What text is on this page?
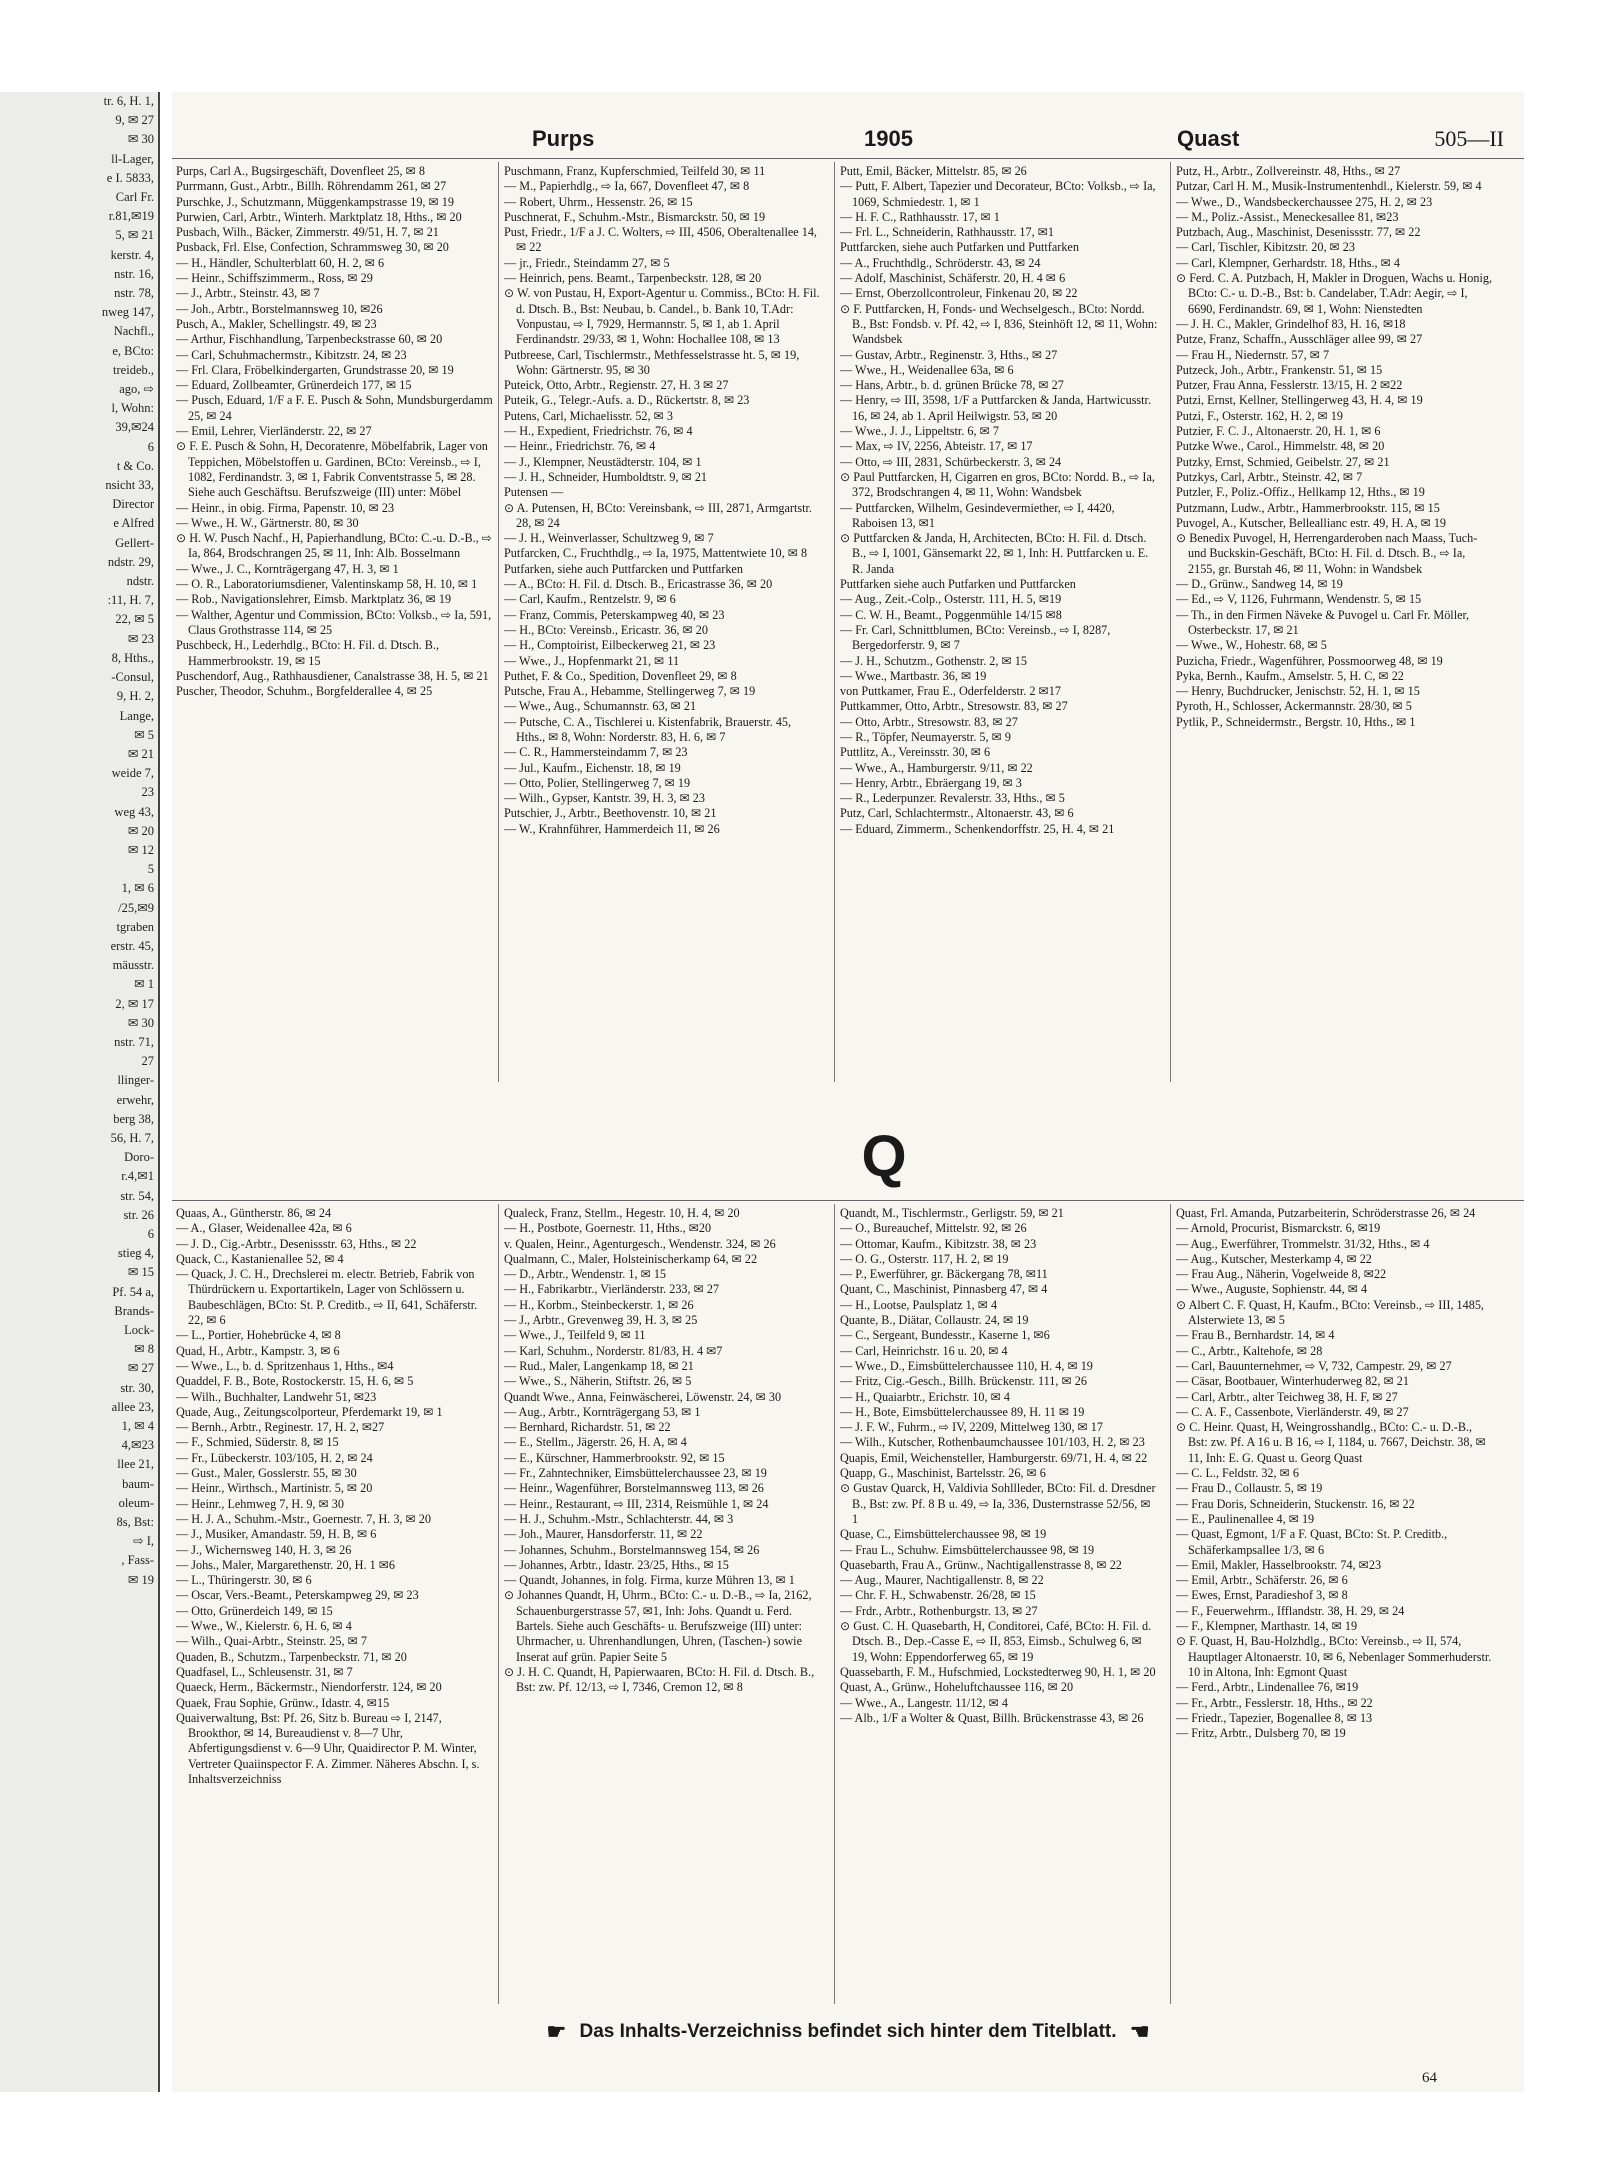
tr. 6, H. 1,
9, ✉ 27
✉ 30
ll-Lager,
e I. 5833,
Carl Fr.
r.81,✉19
5, ✉ 21
kerstr. 4,
nstr. 16,
nstr. 78,
nweg 147,
Nachfl.,
e, BCto:
treideb.,
ago, ⇨
l, Wohn:
39,✉24
6
t & Co.
nsicht 33,
Director
e Alfred
Gellert-
ndstr. 29,
ndstr.
:11, H. 7,
22, ✉ 5
✉ 23
8, Hths.,
-Consul,
9, H. 2,
Lange,
✉ 5
✉ 21
weide 7,
23
weg 43,
✉ 20
✉ 12
5
1, ✉ 6
/25,✉9
tgraben
erstr. 45,
mäusstr.
✉ 1
2, ✉ 17
✉ 30
nstr. 71,
27
llinger-
erwehr,
berg 38,
56, H. 7,
Doro-
r.4,✉1
str. 54,
str. 26
6
stieg 4,
✉ 15
Pf. 54 a,
Brands-
Lock-
✉ 8
✉ 27
str. 30,
allee 23,
1, ✉ 4
4,✉23
llee 21,
baum-
oleum-
8s, Bst:
⇨ I,
, Fass-
✉ 19
Purps	1905	Quast	505—II

Purps, Carl A., Bugsirgeschäft, Dovenfleet 25, ✉ 8

Purrmann, Gust., Arbtr., Billh. Röhrendamm 261, ✉ 27

Purschke, J., Schutzmann, Müggenkampstrasse 19, ✉ 19

Purwien, Carl, Arbtr., Winterh. Marktplatz 18, Hths., ✉ 20

Pusbach, Wilh., Bäcker, Zimmerstr. 49/51, H. 7, ✉ 21

Pusback, Frl. Else, Confection, Schrammsweg 30, ✉ 20

— H., Händler, Schulterblatt 60, H. 2, ✉ 6

— Heinr., Schiffszimmerm., Ross, ✉ 29

— J., Arbtr., Steinstr. 43, ✉ 7

— Joh., Arbtr., Borstelmannsweg 10, ✉26

Pusch, A., Makler, Schellingstr. 49, ✉ 23

— Arthur, Fischhandlung, Tarpenbeckstrasse 60, ✉ 20

— Carl, Schuhmachermstr., Kibitzstr. 24, ✉ 23

— Frl. Clara, Fröbelkindergarten, Grundstrasse 20, ✉ 19

— Eduard, Zollbeamter, Grünerdeich 177, ✉ 15

— Pusch, Eduard, 1/F a F. E. Pusch & Sohn, Mundsburgerdamm 25, ✉ 24

— Emil, Lehrer, Vierländerstr. 22, ✉ 27

⊙ F. E. Pusch & Sohn, H, Decoratenre, Möbelfabrik, Lager von Teppichen, Möbelstoffen u. Gardinen, BCto: Vereinsb., ⇨ I, 1082, Ferdinandstr. 3, ✉ 1, Fabrik Conventstrasse 5, ✉ 28. Siehe auch Geschäftsu. Berufszweige (III) unter: Möbel

— Heinr., in obig. Firma, Papenstr. 10, ✉ 23

— Wwe., H. W., Gärtnerstr. 80, ✉ 30

⊙ H. W. Pusch Nachf., H, Papierhandlung, BCto: C.-u. D.-B., ⇨ Ia, 864, Brodschrangen 25, ✉ 11, Inh: Alb. Bosselmann

— Wwe., J. C., Kornträgergang 47, H. 3, ✉ 1

— O. R., Laboratoriumsdiener, Valentinskamp 58, H. 10, ✉ 1

— Rob., Navigationslehrer, Eimsb. Marktplatz 36, ✉ 19

— Walther, Agentur und Commission, BCto: Volksb., ⇨ Ia, 591, Claus Grothstrasse 114, ✉ 25

Puschbeck, H., Lederhdlg., BCto: H. Fil. d. Dtsch. B., Hammerbrookstr. 19, ✉ 15

Puschendorf, Aug., Rathhausdiener, Canalstrasse 38, H. 5, ✉ 21

Puscher, Theodor, Schuhm., Borgfelderallee 4, ✉ 25

Puschmann, Franz, Kupferschmied, Teilfeld 30, ✉ 11

— M., Papierhdlg., ⇨ Ia, 667, Dovenfleet 47, ✉ 8

— Robert, Uhrm., Hessenstr. 26, ✉ 15

Puschnerat, F., Schuhm.-Mstr., Bismarckstr. 50, ✉ 19

Pust, Friedr., 1/F a J. C. Wolters, ⇨ III, 4506, Oberaltenallee 14, ✉ 22

— jr., Friedr., Steindamm 27, ✉ 5

— Heinrich, pens. Beamt., Tarpenbeckstr. 128, ✉ 20

⊙ W. von Pustau, H, Export-Agentur u. Commiss., BCto: H. Fil. d. Dtsch. B., Bst: Neubau, b. Candel., b. Bank 10, T.Adr: Vonpustau, ⇨ I, 7929, Hermannstr. 5, ✉ 1, ab 1. April Ferdinandstr. 29/33, ✉ 1, Wohn: Hochallee 108, ✉ 13

Putbreese, Carl, Tischlermstr., Methfesselstrasse ht. 5, ✉ 19, Wohn: Gärtnerstr. 95, ✉ 30

Puteick, Otto, Arbtr., Regienstr. 27, H. 3 ✉ 27

Puteik, G., Telegr.-Aufs. a. D., Rückertstr. 8, ✉ 23

Putens, Carl, Michaelisstr. 52, ✉ 3

— H., Expedient, Friedrichstr. 76, ✉ 4

— Heinr., Friedrichstr. 76, ✉ 4

— J., Klempner, Neustädterstr. 104, ✉ 1

— J. H., Schneider, Humboldtstr. 9, ✉ 21

Putensen —

⊙ A. Putensen, H, BCto: Vereinsbank, ⇨ III, 2871, Armgartstr. 28, ✉ 24

— J. H., Weinverlasser, Schultzweg 9, ✉ 7

Putfarcken, C., Fruchthdlg., ⇨ Ia, 1975, Mattentwiete 10, ✉ 8

Putfarken, siehe auch Puttfarcken und Puttfarken

— A., BCto: H. Fil. d. Dtsch. B., Ericastrasse 36, ✉ 20

— Carl, Kaufm., Rentzelstr. 9, ✉ 6

— Franz, Commis, Peterskampweg 40, ✉ 23

— H., BCto: Vereinsb., Ericastr. 36, ✉ 20

— H., Comptoirist, Eilbeckerweg 21, ✉ 23

— Wwe., J., Hopfenmarkt 21, ✉ 11

Puthet, F. & Co., Spedition, Dovenfleet 29, ✉ 8

Putsche, Frau A., Hebamme, Stellingerweg 7, ✉ 19

— Wwe., Aug., Schumannstr. 63, ✉ 21

— Putsche, C. A., Tischlerei u. Kistenfabrik, Brauerstr. 45, Hths., ✉ 8, Wohn: Norderstr. 83, H. 6, ✉ 7

— C. R., Hammersteindamm 7, ✉ 23

— Jul., Kaufm., Eichenstr. 18, ✉ 19

— Otto, Polier, Stellingerweg 7, ✉ 19

— Wilh., Gypser, Kantstr. 39, H. 3, ✉ 23

Putschier, J., Arbtr., Beethovenstr. 10, ✉ 21

— W., Krahnführer, Hammerdeich 11, ✉ 26

Putt, Emil, Bäcker, Mittelstr. 85, ✉ 26

— Putt, F. Albert, Tapezier und Decorateur, BCto: Volksb., ⇨ Ia, 1069, Schmiedestr. 1, ✉ 1

— H. F. C., Rathhausstr. 17, ✉ 1

— Frl. L., Schneiderin, Rathhausstr. 17, ✉1

Puttfarcken, siehe auch Putfarken und Puttfarken

— A., Fruchthdlg., Schröderstr. 43, ✉ 24

— Adolf, Maschinist, Schäferstr. 20, H. 4 ✉ 6

— Ernst, Oberzollcontroleur, Finkenau 20, ✉ 22

⊙ F. Puttfarcken, H, Fonds- und Wechselgesch., BCto: Nordd. B., Bst: Fondsb. v. Pf. 42, ⇨ I, 836, Steinhöft 12, ✉ 11, Wohn: Wandsbek

— Gustav, Arbtr., Reginenstr. 3, Hths., ✉ 27

— Wwe., H., Weidenallee 63a, ✉ 6

— Hans, Arbtr., b. d. grünen Brücke 78, ✉ 27

— Henry, ⇨ III, 3598, 1/F a Puttfarcken & Janda, Hartwicusstr. 16, ✉ 24, ab 1. April Heilwigstr. 53, ✉ 20

— Wwe., J. J., Lippeltstr. 6, ✉ 7

— Max, ⇨ IV, 2256, Abteistr. 17, ✉ 17

— Otto, ⇨ III, 2831, Schürbeckerstr. 3, ✉ 24

⊙ Paul Puttfarcken, H, Cigarren en gros, BCto: Nordd. B., ⇨ Ia, 372, Brodschrangen 4, ✉ 11, Wohn: Wandsbek

— Puttfarcken, Wilhelm, Gesindevermiether, ⇨ I, 4420, Raboisen 13, ✉1

⊙ Puttfarcken & Janda, H, Architecten, BCto: H. Fil. d. Dtsch. B., ⇨ I, 1001, Gänsemarkt 22, ✉ 1, Inh: H. Puttfarcken u. E. R. Janda

Puttfarken siehe auch Putfarken und Puttfarcken

— Aug., Zeit.-Colp., Osterstr. 111, H. 5, ✉19

— C. W. H., Beamt., Poggenmühle 14/15 ✉8

— Fr. Carl, Schnittblumen, BCto: Vereinsb., ⇨ I, 8287, Bergedorferstr. 9, ✉ 7

— J. H., Schutzm., Gothenstr. 2, ✉ 15

— Wwe., Martbastr. 36, ✉ 19

von Puttkamer, Frau E., Oderfelderstr. 2 ✉17

Puttkammer, Otto, Arbtr., Stresowstr. 83, ✉ 27

— Otto, Arbtr., Stresowstr. 83, ✉ 27

— R., Töpfer, Neumayerstr. 5, ✉ 9

Puttlitz, A., Vereinsstr. 30, ✉ 6

— Wwe., A., Hamburgerstr. 9/11, ✉ 22

— Henry, Arbtr., Ebräergang 19, ✉ 3

— R., Lederpunzer. Revalerstr. 33, Hths., ✉ 5

Putz, Carl, Schlachtermstr., Altonaerstr. 43, ✉ 6

— Eduard, Zimmerm., Schenkendorffstr. 25, H. 4, ✉ 21

Putz, H., Arbtr., Zollvereinstr. 48, Hths., ✉ 27

Putzar, Carl H. M., Musik-Instrumentenhdl., Kielerstr. 59, ✉ 4

— Wwe., D., Wandsbeckerchaussee 275, H. 2, ✉ 23

— M., Poliz.-Assist., Meneckesallee 81, ✉23

Putzbach, Aug., Maschinist, Desenissstr. 77, ✉ 22

— Carl, Tischler, Kibitzstr. 20, ✉ 23

— Carl, Klempner, Gerhardstr. 18, Hths., ✉ 4

⊙ Ferd. C. A. Putzbach, H, Makler in Droguen, Wachs u. Honig, BCto: C.- u. D.-B., Bst: b. Candelaber, T.Adr: Aegir, ⇨ I, 6690, Ferdinandstr. 69, ✉ 1, Wohn: Nienstedten

— J. H. C., Makler, Grindelhof 83, H. 16, ✉18

Putze, Franz, Schaffn., Ausschläger allee 99, ✉ 27

— Frau H., Niedernstr. 57, ✉ 7

Putzeck, Joh., Arbtr., Frankenstr. 51, ✉ 15

Putzer, Frau Anna, Fesslerstr. 13/15, H. 2 ✉22

Putzi, Ernst, Kellner, Stellingerweg 43, H. 4, ✉ 19

Putzi, F., Osterstr. 162, H. 2, ✉ 19

Putzier, F. C. J., Altonaerstr. 20, H. 1, ✉ 6

Putzke Wwe., Carol., Himmelstr. 48, ✉ 20

Putzky, Ernst, Schmied, Geibelstr. 27, ✉ 21

Putzkys, Carl, Arbtr., Steinstr. 42, ✉ 7

Putzler, F., Poliz.-Offiz., Hellkamp 12, Hths., ✉ 19

Putzmann, Ludw., Arbtr., Hammerbrookstr. 115, ✉ 15

Puvogel, A., Kutscher, Belleallianc estr. 49, H. A, ✉ 19

⊙ Benedix Puvogel, H, Herrengarderoben nach Maass, Tuch- und Buckskin-Geschäft, BCto: H. Fil. d. Dtsch. B., ⇨ Ia, 2155, gr. Burstah 46, ✉ 11, Wohn: in Wandsbek

— D., Grünw., Sandweg 14, ✉ 19

— Ed., ⇨ V, 1126, Fuhrmann, Wendenstr. 5, ✉ 15

— Th., in den Firmen Näveke & Puvogel u. Carl Fr. Möller, Osterbeckstr. 17, ✉ 21

— Wwe., W., Hohestr. 68, ✉ 5

Puzicha, Friedr., Wagenführer, Possmoorweg 48, ✉ 19

Pyka, Bernh., Kaufm., Amselstr. 5, H. C, ✉ 22

— Henry, Buchdrucker, Jenischstr. 52, H. 1, ✉ 15

Pyroth, H., Schlosser, Ackermannstr. 28/30, ✉ 5

Pytlik, P., Schneidermstr., Bergstr. 10, Hths., ✉ 1

Q

Quaas, A., Güntherstr. 86, ✉ 24

— A., Glaser, Weidenallee 42a, ✉ 6

— J. D., Cig.-Arbtr., Desenissstr. 63, Hths., ✉ 22

Quack, C., Kastanienallee 52, ✉ 4

— Quack, J. C. H., Drechslerei m. electr. Betrieb, Fabrik von Thürdrückern u. Exportartikeln, Lager von Schlössern u. Baubeschlägen, BCto: St. P. Creditb., ⇨ II, 641, Schäferstr. 22, ✉ 6

— L., Portier, Hohebrücke 4, ✉ 8

Quad, H., Arbtr., Kampstr. 3, ✉ 6

— Wwe., L., b. d. Spritzenhaus 1, Hths., ✉4

Quaddel, F. B., Bote, Rostockerstr. 15, H. 6, ✉ 5

— Wilh., Buchhalter, Landwehr 51, ✉23

Quade, Aug., Zeitungscolporteur, Pferdemarkt 19, ✉ 1

— Bernh., Arbtr., Reginestr. 17, H. 2, ✉27

— F., Schmied, Süderstr. 8, ✉ 15

— Fr., Lübeckerstr. 103/105, H. 2, ✉ 24

— Gust., Maler, Gosslerstr. 55, ✉ 30

— Heinr., Wirthsch., Martinistr. 5, ✉ 20

— Heinr., Lehmweg 7, H. 9, ✉ 30

— H. J. A., Schuhm.-Mstr., Goernestr. 7, H. 3, ✉ 20

— J., Musiker, Amandastr. 59, H. B, ✉ 6

— J., Wichernsweg 140, H. 3, ✉ 26

— Johs., Maler, Margarethenstr. 20, H. 1 ✉6

— L., Thüringerstr. 30, ✉ 6

— Oscar, Vers.-Beamt., Peterskampweg 29, ✉ 23

— Otto, Grünerdeich 149, ✉ 15

— Wwe., W., Kielerstr. 6, H. 6, ✉ 4

— Wilh., Quai-Arbtr., Steinstr. 25, ✉ 7

Quaden, B., Schutzm., Tarpenbeckstr. 71, ✉ 20

Quadfasel, L., Schleusenstr. 31, ✉ 7

Quaeck, Herm., Bäckermstr., Niendorferstr. 124, ✉ 20

Quaek, Frau Sophie, Grünw., Idastr. 4, ✉15

Quaiverwaltung, Bst: Pf. 26, Sitz b. Bureau ⇨ I, 2147, Brookthor, ✉ 14, Bureaudienst v. 8—7 Uhr, Abfertigungsdienst v. 6—9 Uhr, Quaidirector P. M. Winter, Vertreter Quaiinspector F. A. Zimmer. Näheres Abschn. I, s. Inhaltsverzeichniss

Qualeck, Franz, Stellm., Hegestr. 10, H. 4, ✉ 20

— H., Postbote, Goernestr. 11, Hths., ✉20

v. Qualen, Heinr., Agenturgesch., Wendenstr. 324, ✉ 26

Qualmann, C., Maler, Holsteinischerkamp 64, ✉ 22

— D., Arbtr., Wendenstr. 1, ✉ 15

— H., Fabrikarbtr., Vierländerstr. 233, ✉ 27

— H., Korbm., Steinbeckerstr. 1, ✉ 26

— J., Arbtr., Grevenweg 39, H. 3, ✉ 25

— Wwe., J., Teilfeld 9, ✉ 11

— Karl, Schuhm., Norderstr. 81/83, H. 4 ✉7

— Rud., Maler, Langenkamp 18, ✉ 21

— Wwe., S., Näherin, Stiftstr. 26, ✉ 5

Quandt Wwe., Anna, Feinwäscherei, Löwenstr. 24, ✉ 30

— Aug., Arbtr., Kornträgergang 53, ✉ 1

— Bernhard, Richardstr. 51, ✉ 22

— E., Stellm., Jägerstr. 26, H. A, ✉ 4

— E., Kürschner, Hammerbrookstr. 92, ✉ 15

— Fr., Zahntechniker, Eimsbüttelerchaussee 23, ✉ 19

— Heinr., Wagenführer, Borstelmannsweg 113, ✉ 26

— Heinr., Restaurant, ⇨ III, 2314, Reismühle 1, ✉ 24

— H. J., Schuhm.-Mstr., Schlachterstr. 44, ✉ 3

— Joh., Maurer, Hansdorferstr. 11, ✉ 22

— Johannes, Schuhm., Borstelmannsweg 154, ✉ 26

— Johannes, Arbtr., Idastr. 23/25, Hths., ✉ 15

— Quandt, Johannes, in folg. Firma, kurze Mühren 13, ✉ 1

⊙ Johannes Quandt, H, Uhrm., BCto: C.- u. D.-B., ⇨ Ia, 2162, Schauenburgerstrasse 57, ✉1, Inh: Johs. Quandt u. Ferd. Bartels. Siehe auch Geschäfts- u. Berufszweige (III) unter: Uhrmacher, u. Uhrenhandlungen, Uhren, (Taschen-) sowie Inserat auf grün. Papier Seite 5

⊙ J. H. C. Quandt, H, Papierwaaren, BCto: H. Fil. d. Dtsch. B., Bst: zw. Pf. 12/13, ⇨ I, 7346, Cremon 12, ✉ 8

Quandt, M., Tischlermstr., Gerligstr. 59, ✉ 21

— O., Bureauchef, Mittelstr. 92, ✉ 26

— Ottomar, Kaufm., Kibitzstr. 38, ✉ 23

— O. G., Osterstr. 117, H. 2, ✉ 19

— P., Ewerführer, gr. Bäckergang 78, ✉11

Quant, C., Maschinist, Pinnasberg 47, ✉ 4

— H., Lootse, Paulsplatz 1, ✉ 4

Quante, B., Diätar, Collaustr. 24, ✉ 19

— C., Sergeant, Bundesstr., Kaserne 1, ✉6

— Carl, Heinrichstr. 16 u. 20, ✉ 4

— Wwe., D., Eimsbüttelerchaussee 110, H. 4, ✉ 19

— Fritz, Cig.-Gesch., Billh. Brückenstr. 111, ✉ 26

— H., Quaiarbtr., Erichstr. 10, ✉ 4

— H., Bote, Eimsbüttelerchaussee 89, H. 11 ✉ 19

— J. F. W., Fuhrm., ⇨ IV, 2209, Mittelweg 130, ✉ 17

— Wilh., Kutscher, Rothenbaumchaussee 101/103, H. 2, ✉ 23

Quapis, Emil, Weichensteller, Hamburgerstr. 69/71, H. 4, ✉ 22

Quapp, G., Maschinist, Bartelsstr. 26, ✉ 6

⊙ Gustav Quarck, H, Valdivia Sohllleder, BCto: Fil. d. Dresdner B., Bst: zw. Pf. 8 B u. 49, ⇨ Ia, 336, Dusternstrasse 52/56, ✉ 1

Quase, C., Eimsbüttelerchaussee 98, ✉ 19

— Frau L., Schuhw. Eimsbüttelerchaussee 98, ✉ 19

Quasebarth, Frau A., Grünw., Nachtigallenstrasse 8, ✉ 22

— Aug., Maurer, Nachtigallenstr. 8, ✉ 22

— Chr. F. H., Schwabenstr. 26/28, ✉ 15

— Frdr., Arbtr., Rothenburgstr. 13, ✉ 27

⊙ Gust. C. H. Quasebarth, H, Conditorei, Café, BCto: H. Fil. d. Dtsch. B., Dep.-Casse E, ⇨ II, 853, Eimsb., Schulweg 6, ✉ 19, Wohn: Eppendorferweg 65, ✉ 19

Quassebarth, F. M., Hufschmied, Lockstedterweg 90, H. 1, ✉ 20

Quast, A., Grünw., Hoheluftchaussee 116, ✉ 20

— Wwe., A., Langestr. 11/12, ✉ 4

— Alb., 1/F a Wolter & Quast, Billh. Brückenstrasse 43, ✉ 26

Quast, Frl. Amanda, Putzarbeiterin, Schröderstrasse 26, ✉ 24

— Arnold, Procurist, Bismarckstr. 6, ✉19

— Aug., Ewerführer, Trommelstr. 31/32, Hths., ✉ 4

— Aug., Kutscher, Mesterkamp 4, ✉ 22

— Frau Aug., Näherin, Vogelweide 8, ✉22

— Wwe., Auguste, Sophienstr. 44, ✉ 4

⊙ Albert C. F. Quast, H, Kaufm., BCto: Vereinsb., ⇨ III, 1485, Alsterwiete 13, ✉ 5

— Frau B., Bernhardstr. 14, ✉ 4

— C., Arbtr., Kaltehofe, ✉ 28

— Carl, Bauunternehmer, ⇨ V, 732, Campestr. 29, ✉ 27

— Cäsar, Bootbauer, Winterhuderweg 82, ✉ 21

— Carl, Arbtr., alter Teichweg 38, H. F, ✉ 27

— C. A. F., Cassenbote, Vierländerstr. 49, ✉ 27

⊙ C. Heinr. Quast, H, Weingrosshandlg., BCto: C.- u. D.-B., Bst: zw. Pf. A 16 u. B 16, ⇨ I, 1184, u. 7667, Deichstr. 38, ✉ 11, Inh: E. G. Quast u. Georg Quast

— C. L., Feldstr. 32, ✉ 6

— Frau D., Collaustr. 5, ✉ 19

— Frau Doris, Schneiderin, Stuckenstr. 16, ✉ 22

— E., Paulinenallee 4, ✉ 19

— Quast, Egmont, 1/F a F. Quast, BCto: St. P. Creditb., Schäferkampsallee 1/3, ✉ 6

— Emil, Makler, Hasselbrookstr. 74, ✉23

— Emil, Arbtr., Schäferstr. 26, ✉ 6

— Ewes, Ernst, Paradieshof 3, ✉ 8

— F., Feuerwehrm., Ifflandstr. 38, H. 29, ✉ 24

— F., Klempner, Marthastr. 14, ✉ 19

⊙ F. Quast, H, Bau-Holzhdlg., BCto: Vereinsb., ⇨ II, 574, Hauptlager Altonaerstr. 10, ✉ 6, Nebenlager Sommerhuderstr. 10 in Altona, Inh: Egmont Quast

— Ferd., Arbtr., Lindenallee 76, ✉19

— Fr., Arbtr., Fesslerstr. 18, Hths., ✉ 22

— Friedr., Tapezier, Bogenallee 8, ✉ 13

— Fritz, Arbtr., Dulsberg 70, ✉ 19

☛ Das Inhalts-Verzeichniss befindet sich hinter dem Titelblatt. ☚
64
